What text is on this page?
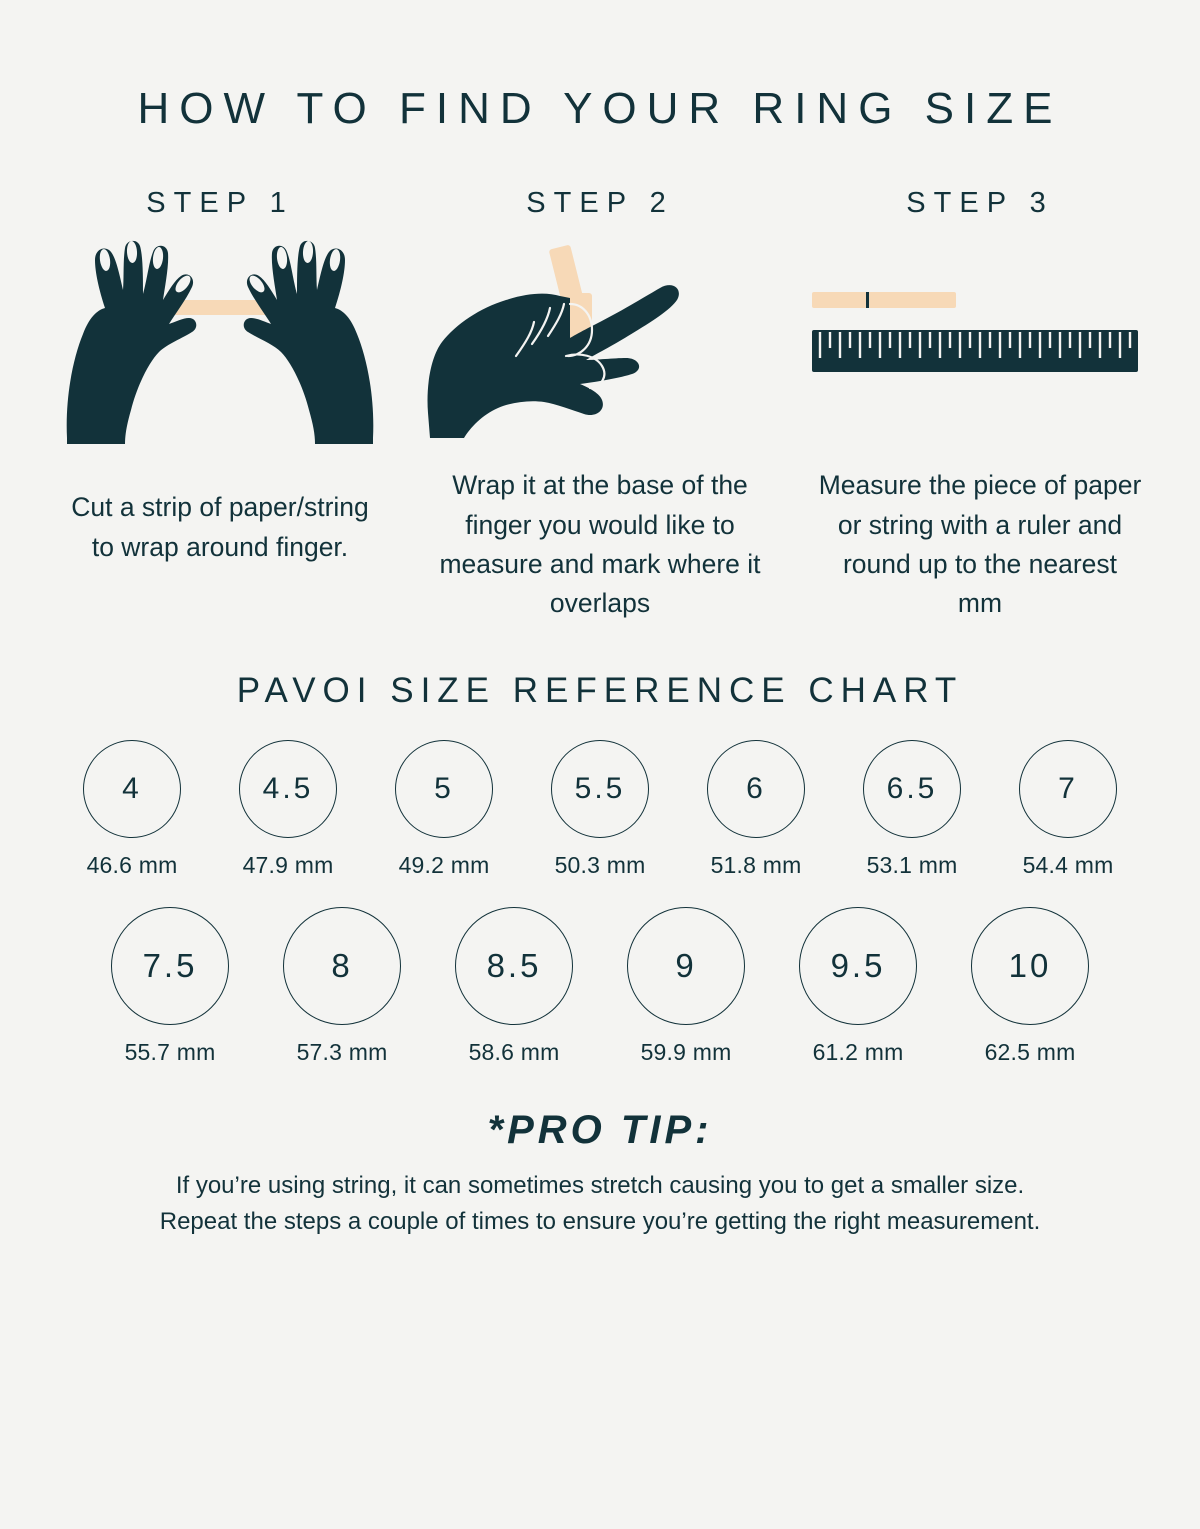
HOW TO FIND YOUR RING SIZE
STEP 1
Cut a strip of paper/string to wrap around finger.
STEP 2
Wrap it at the base of the finger you would like to measure and mark where it overlaps
STEP 3
Measure the piece of paper or string with a ruler and round up to the nearest mm
PAVOI SIZE REFERENCE CHART
4
46.6 mm
4.5
47.9 mm
5
49.2 mm
5.5
50.3 mm
6
51.8 mm
6.5
53.1 mm
7
54.4 mm
7.5
55.7 mm
8
57.3 mm
8.5
58.6 mm
9
59.9 mm
9.5
61.2 mm
10
62.5 mm
*PRO TIP:
If you’re using string, it can sometimes stretch causing you to get a smaller size.
Repeat the steps a couple of times to ensure you’re getting the right measurement.
